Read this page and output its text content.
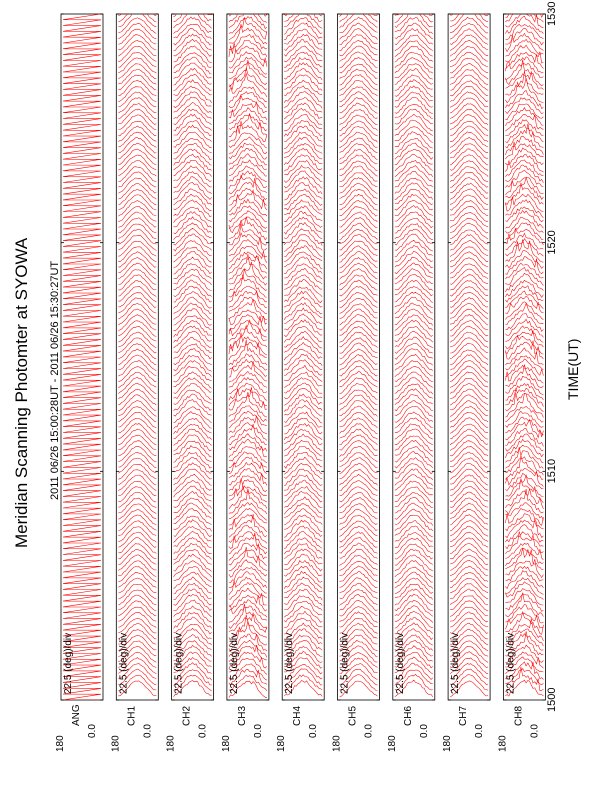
Meridian Scanning Photomter at SYOWA 2011 06/26 15:00:28UT - 2011 06/26 15:30:27UT	TIME(UT)
22.5 (deg)/div
180
ANG
0.0
22.5 (deg)/div
180
CH1
0.0
22.5 (deg)/div
180
CH2
0.0
22.5 (deg)/div
180
CH3
0.0
22.5 (deg)/div
180
CH4
0.0
22.5 (deg)/div
180
CH5
0.0
22.5 (deg)/div
180
CH6
0.0
22.5 (deg)/div
180
CH7
0.0
22.5 (deg)/div
180
CH8
0.0
1500
1510
1520
1530
